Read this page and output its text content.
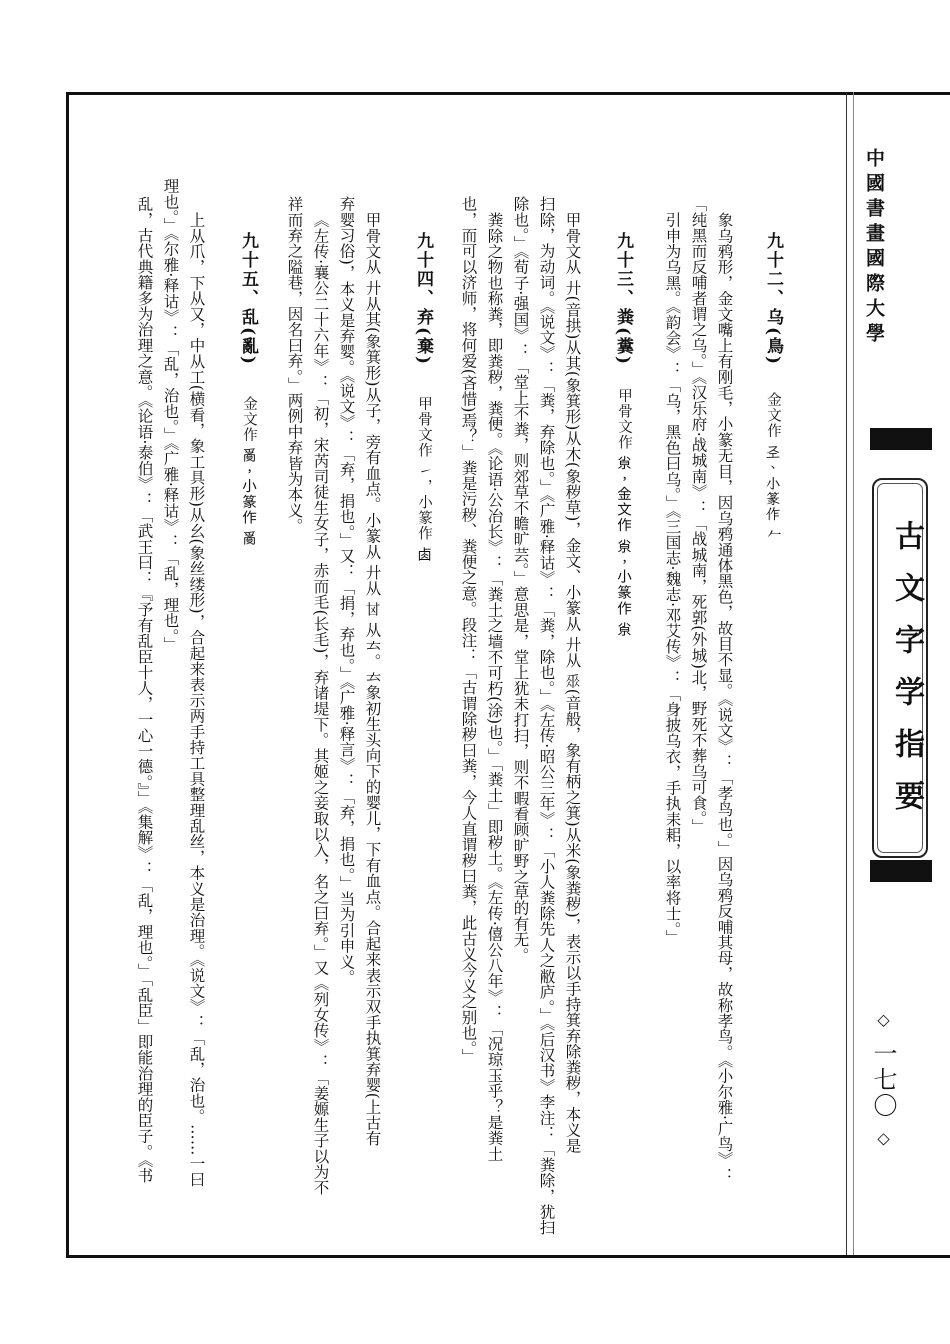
中國書畫國際大學
古文字学指要
◇ 一七〇 ◇
九十二、乌(鳥)
金文作 𢀖、小篆作 𠂉
象乌鸦形，金文嘴上有刚毛，小篆无目，因乌鸦通体黑色，故目不显。《说文》：「孝鸟也。」因乌鸦反哺其母，故称孝鸟。《小尔雅·广鸟》：
「纯黑而反哺者谓之乌。」《汉乐府·战城南》：「战城南，死郭(外城)北，野死不葬乌可食。」
引申为乌黑。《韵会》：「乌，黑色曰乌。」《三国志·魏志·邓艾传》：「身披乌衣，手执耒耜，以率将士。」
九十三、粪(糞)
甲骨文作 𡭴，金文作 𡭴，小篆作 𡭴
甲骨文从 廾(音拱)从其(象箕形)从木(象秽草)，金文、小篆从 廾从 𠂹(音般，象有柄之箕)从米(象粪秽)，表示以手持箕弃除粪秽，本义是
扫除，为动词。《说文》：「粪，弃除也。」《广雅·释诂》：「粪，除也。」《左传·昭公三年》：「小人粪除先人之敝庐。」《后汉书》李注：「粪除，犹扫
除也。」《荀子·强国》：「堂上不粪，则郊草不瞻旷芸。」意思是，堂上犹未打扫，则不暇看顾旷野之草的有无。
粪除之物也称粪，即粪秽，粪便。《论语·公冶长》：「粪土之墙不可朽(涂)也。」「粪土」即秽土。《左传·僖公八年》：「况琼玉乎？是粪土
也，而可以济师，将何爱(吝惜)焉？」粪是污秽、粪便之意。段注：「古谓除秽曰粪，今人直谓秽曰粪，此古义今义之别也。」
九十四、弃(棄)
甲骨文作 ㇀，小篆作 𠧪
甲骨文从 廾从其(象箕形)从子，旁有血点。小篆从 廾从 𠀠 从𠫓。𠫓象初生头向下的婴儿，下有血点。合起来表示双手执箕弃婴(上古有
弃婴习俗)，本义是弃婴。《说文》：「弃，捐也。」又：「捐，弃也。」《广雅·释言》：「弃，捐也。」当为引申义。
《左传·襄公二十六年》：「初，宋芮司徒生女子，赤而毛(长毛)，弃诸堤下。其姬之妾取以入，名之曰弃。」又《列女传》：「姜嫄生子以为不
祥而弃之隘巷，因名曰弃。」两例中弃皆为本义。
九十五、乱(亂)
金文作 𤔔，小篆作 𤔔
上从爪，下从又，中从工(横看，象工具形)从幺(象丝缕形)，合起来表示两手持工具整理乱丝，本义是治理。《说文》：「乱，治也。……一曰
理也。」《尔雅·释诂》：「乱，治也。」《广雅·释诂》：「乱，理也。」
乱，古代典籍多为治理之意。《论语·泰伯》：「武王曰：『予有乱臣十人，一心一德。』」《集解》：「乱，理也。」「乱臣」即能治理的臣子。《书
